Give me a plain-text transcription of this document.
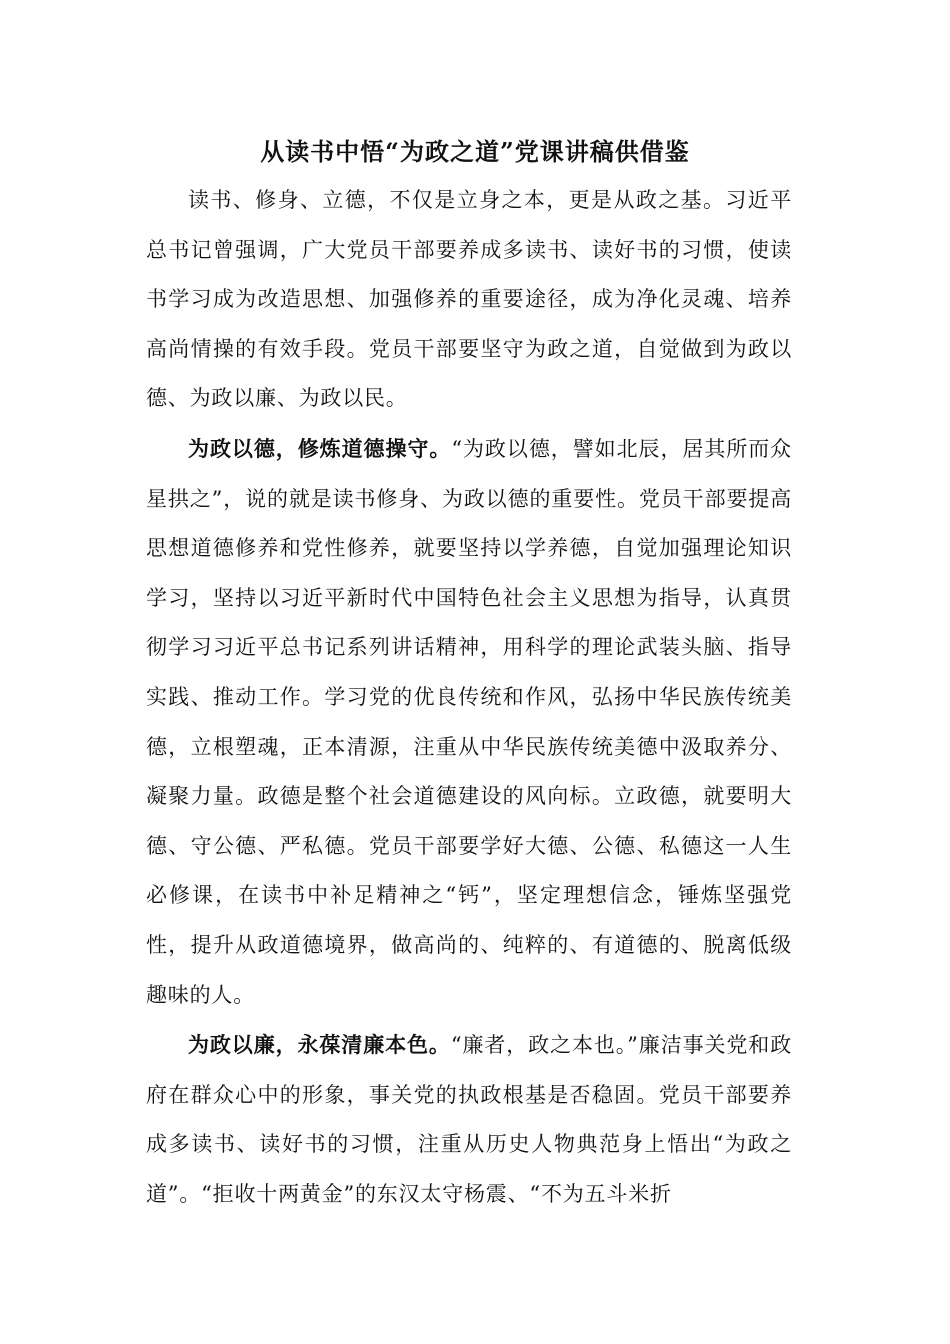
从读书中悟“为政之道”党课讲稿供借鉴

读书、修身、立德，不仅是立身之本，更是从政之基。习近平总书记曾强调，广大党员干部要养成多读书、读好书的习惯，使读书学习成为改造思想、加强修养的重要途径，成为净化灵魂、培养高尚情操的有效手段。党员干部要坚守为政之道，自觉做到为政以德、为政以廉、为政以民。

为政以德，修炼道德操守。“为政以德，譬如北辰，居其所而众星拱之”，说的就是读书修身、为政以德的重要性。党员干部要提高思想道德修养和党性修养，就要坚持以学养德，自觉加强理论知识学习，坚持以习近平新时代中国特色社会主义思想为指导，认真贯彻学习习近平总书记系列讲话精神，用科学的理论武装头脑、指导实践、推动工作。学习党的优良传统和作风，弘扬中华民族传统美德，立根塑魂，正本清源，注重从中华民族传统美德中汲取养分、凝聚力量。政德是整个社会道德建设的风向标。立政德，就要明大德、守公德、严私德。党员干部要学好大德、公德、私德这一人生必修课，在读书中补足精神之“钙”，坚定理想信念，锤炼坚强党性，提升从政道德境界，做高尚的、纯粹的、有道德的、脱离低级趣味的人。

为政以廉，永葆清廉本色。“廉者，政之本也。”廉洁事关党和政府在群众心中的形象，事关党的执政根基是否稳固。党员干部要养成多读书、读好书的习惯，注重从历史人物典范身上悟出“为政之道”。“拒收十两黄金”的东汉太守杨震、“不为五斗米折
